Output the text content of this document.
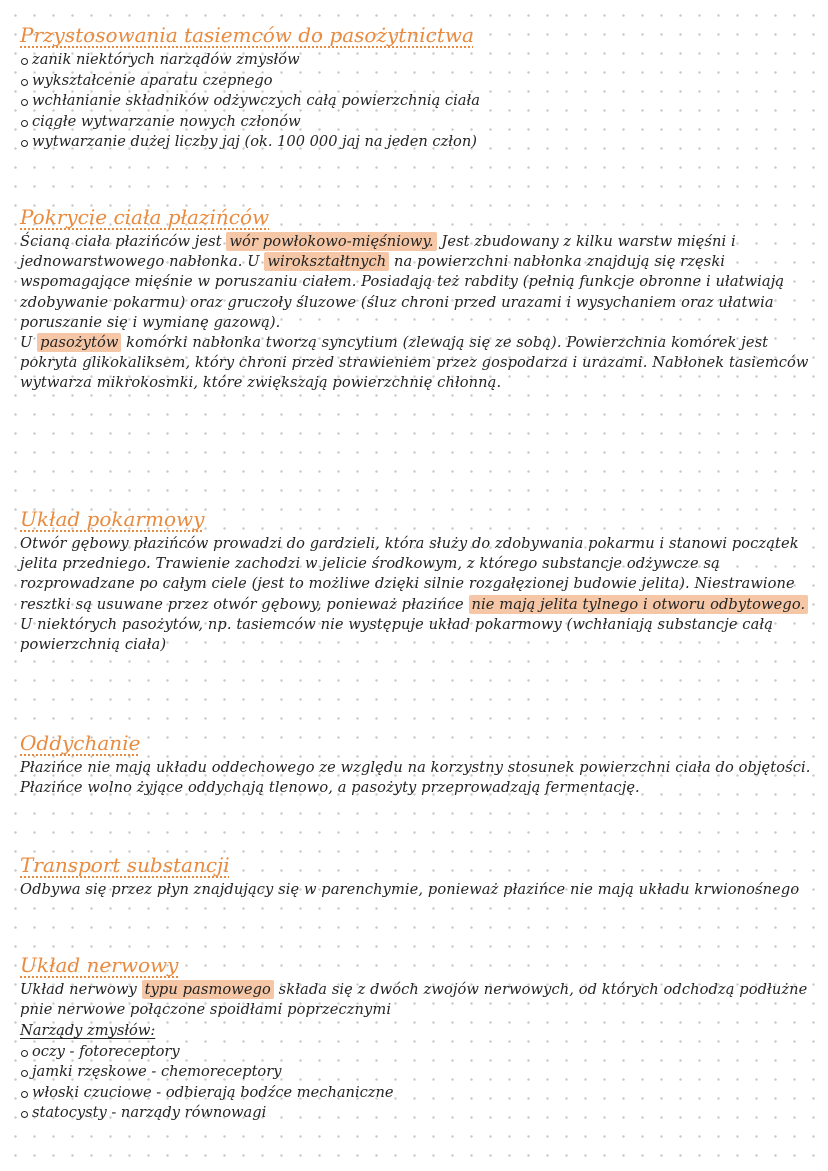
Przystosowania tasiemców do pasożytnictwa
zanik niektórych narządów zmysłów
wykształcenie aparatu czepnego
wchłanianie składników odżywczych całą powierzchnią ciała
ciągłe wytwarzanie nowych członów
wytwarzanie dużej liczby jaj (ok. 100 000 jaj na jeden człon)
Pokrycie ciała płazińców

Ścianą ciała płazińców jest wór powłokowo-mięśniowy. Jest zbudowany z kilku warstw mięśni i jednowarstwowego nabłonka. U wirokształtnych na powierzchni nabłonka znajdują się rzęski wspomagające mięśnie w poruszaniu ciałem. Posiadają też rabdity (pełnią funkcje obronne i ułatwiają zdobywanie pokarmu) oraz gruczoły śluzowe (śluz chroni przed urazami i wysychaniem oraz ułatwia poruszanie się i wymianę gazową).

U pasożytów komórki nabłonka tworzą syncytium (zlewają się ze sobą). Powierzchnia komórek jest pokryta glikokaliksem, który chroni przed strawieniem przez gospodarza i urazami. Nabłonek tasiemców wytwarza mikrokosmki, które zwiększają powierzchnię chłonną.

Układ pokarmowy

Otwór gębowy płazińców prowadzi do gardzieli, która służy do zdobywania pokarmu i stanowi początek jelita przedniego. Trawienie zachodzi w jelicie środkowym, z którego substancje odżywcze są rozprowadzane po całym ciele (jest to możliwe dzięki silnie rozgałęzionej budowie jelita). Niestrawione resztki są usuwane przez otwór gębowy, ponieważ płazińce nie mają jelita tylnego i otworu odbytowego. U niektórych pasożytów, np. tasiemców nie występuje układ pokarmowy (wchłaniają substancje całą powierzchnią ciała)

Oddychanie

Płazińce nie mają układu oddechowego ze względu na korzystny stosunek powierzchni ciała do objętości. Płazińce wolno żyjące oddychają tlenowo, a pasożyty przeprowadzają fermentację.

Transport substancji

Odbywa się przez płyn znajdujący się w parenchymie, ponieważ płazińce nie mają układu krwionośnego

Układ nerwowy

Układ nerwowy typu pasmowego składa się z dwóch zwojów nerwowych, od których odchodzą podłużne pnie nerwowe połączone spoidłami poprzecznymi

Narządy zmysłów:
oczy - fotoreceptory
jamki rzęskowe - chemoreceptory
włoski czuciowe - odbierają bodźce mechaniczne
statocysty - narządy równowagi
